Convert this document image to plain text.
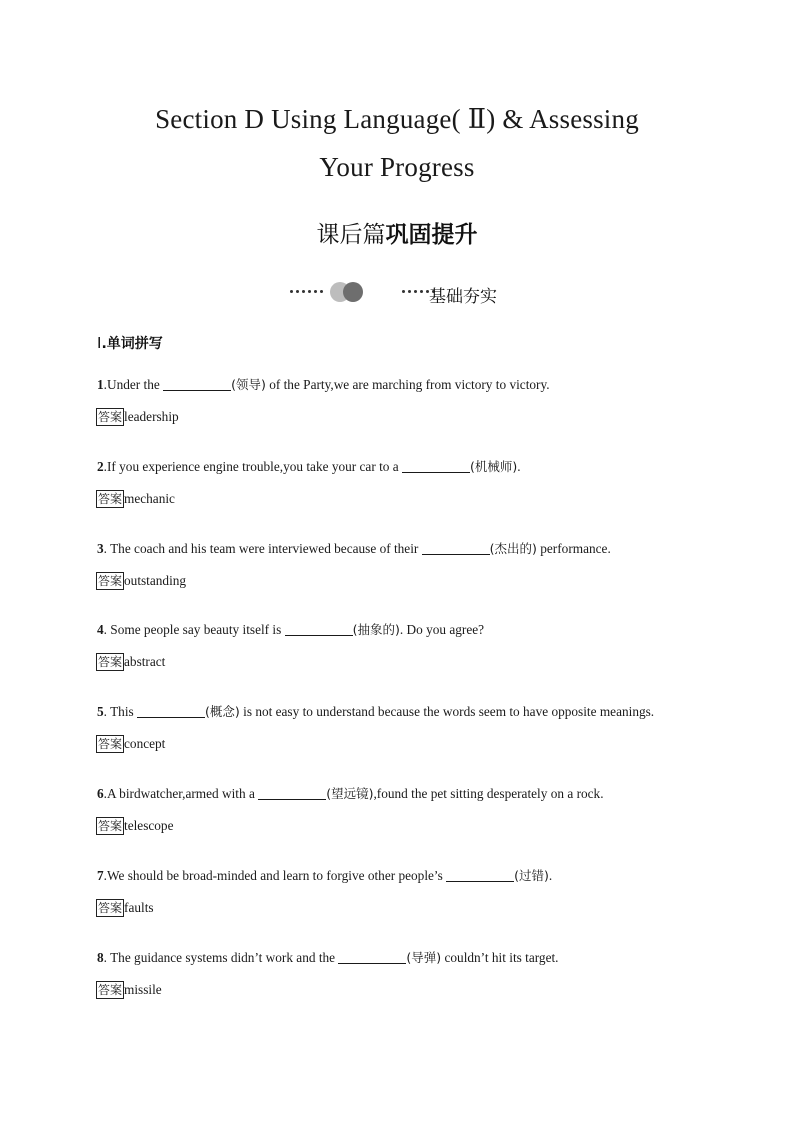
Section D Using Language( Ⅱ) & Assessing
Your Progress
课后篇巩固提升
基础夯实
Ⅰ.单词拼写
1.Under the	(领导) of the Party,we are marching from victory to victory.
答案 leadership
2.If you experience engine trouble,you take your car to a	(机械师).
答案 mechanic
3. The coach and his team were interviewed because of their	(杰出的) performance.
答案 outstanding
4. Some people say beauty itself is	(抽象的). Do you agree?
答案 abstract
5. This	(概念) is not easy to understand because the words seem to have opposite meanings.
答案 concept
6.A birdwatcher,armed with a	(望远镜),found the pet sitting desperately on a rock.
答案 telescope
7.We should be broad-minded and learn to forgive other people’s	(过错).
答案 faults
8. The guidance systems didn’t work and the	(导弹) couldn’t hit its target.
答案 missile
